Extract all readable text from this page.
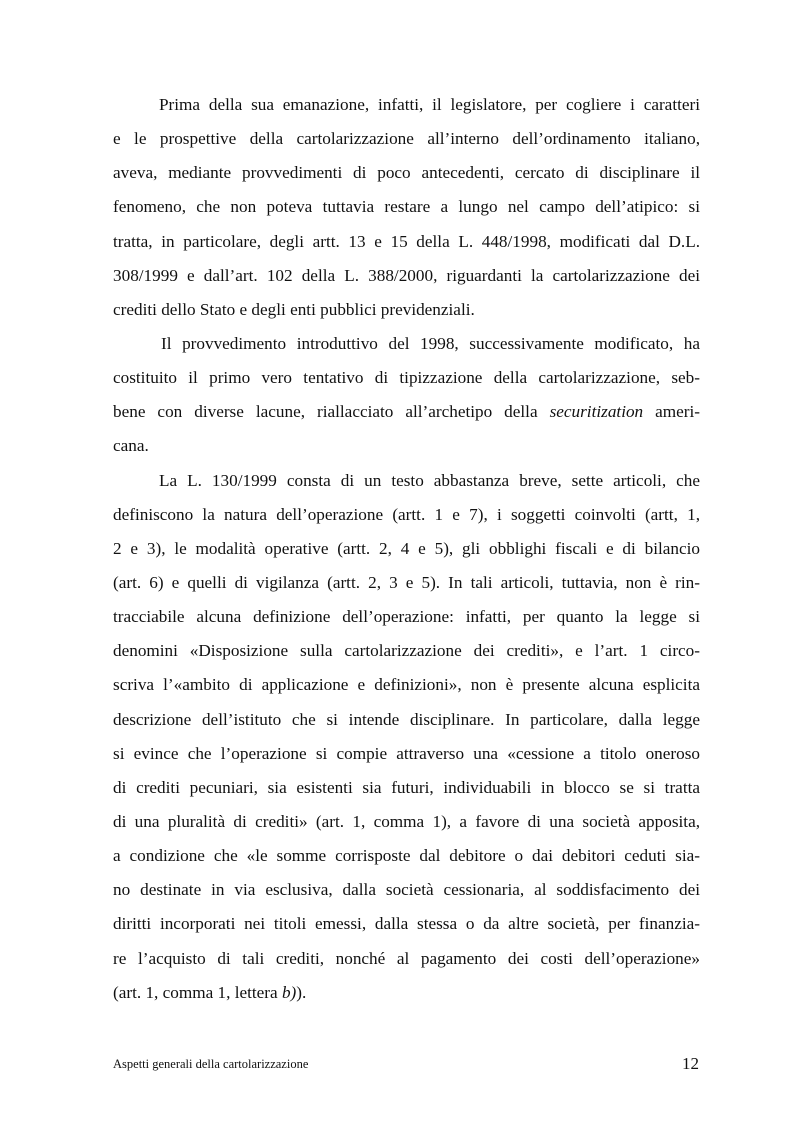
Prima della sua emanazione, infatti, il legislatore, per cogliere i caratteri
e le prospettive della cartolarizzazione all’interno dell’ordinamento italiano,
aveva, mediante provvedimenti di poco antecedenti, cercato di disciplinare il
fenomeno, che non poteva tuttavia restare a lungo nel campo dell’atipico: si
tratta, in particolare, degli artt. 13 e 15 della L. 448/1998, modificati dal D.L.
308/1999 e dall’art. 102 della L. 388/2000, riguardanti la cartolarizzazione dei
crediti dello Stato e degli enti pubblici previdenziali.
Il provvedimento introduttivo del 1998, successivamente modificato, ha
costituito il primo vero tentativo di tipizzazione della cartolarizzazione, seb-
bene con diverse lacune, riallacciato all’archetipo della securitization ameri-
cana.
La L. 130/1999 consta di un testo abbastanza breve, sette articoli, che
definiscono la natura dell’operazione (artt. 1 e 7), i soggetti coinvolti (artt, 1,
2 e 3), le modalità operative (artt. 2, 4 e 5), gli obblighi fiscali e di bilancio
(art. 6) e quelli di vigilanza (artt. 2, 3 e 5). In tali articoli, tuttavia, non è rin-
tracciabile alcuna definizione dell’operazione: infatti, per quanto la legge si
denomini «Disposizione sulla cartolarizzazione dei crediti», e l’art. 1 circo-
scriva l’«ambito di applicazione e definizioni», non è presente alcuna esplicita
descrizione dell’istituto che si intende disciplinare. In particolare, dalla legge
si evince che l’operazione si compie attraverso una «cessione a titolo oneroso
di crediti pecuniari, sia esistenti sia futuri, individuabili in blocco se si tratta
di una pluralità di crediti» (art. 1, comma 1), a favore di una società apposita,
a condizione che «le somme corrisposte dal debitore o dai debitori ceduti sia-
no destinate in via esclusiva, dalla società cessionaria, al soddisfacimento dei
diritti incorporati nei titoli emessi, dalla stessa o da altre società, per finanzia-
re l’acquisto di tali crediti, nonché al pagamento dei costi dell’operazione»
(art. 1, comma 1, lettera b)).
Aspetti generali della cartolarizzazione	12
